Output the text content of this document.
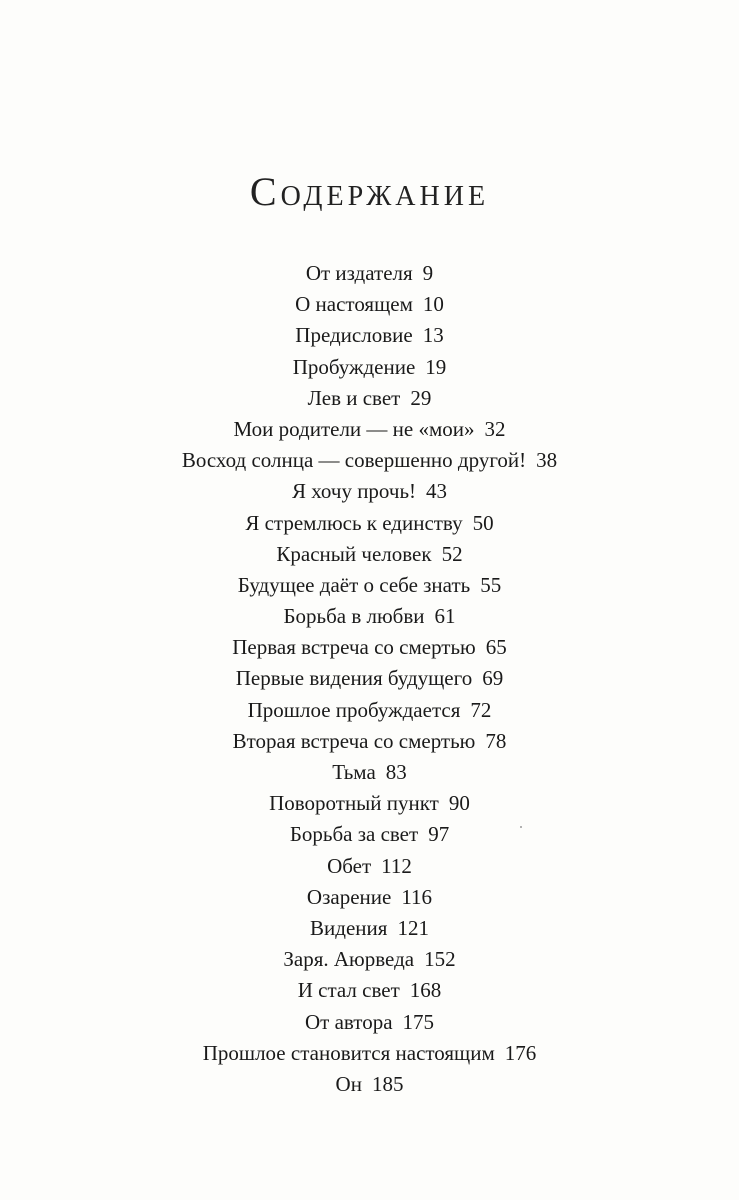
⠀
⠀
⠀
Содержание
От издателя 9
О настоящем 10
Предисловие 13
Пробуждение 19
Лев и свет 29
Мои родители — не «мои» 32
Восход солнца — совершенно другой! 38
Я хочу прочь! 43
Я стремлюсь к единству 50
Красный человек 52
Будущее даёт о себе знать 55
Борьба в любви 61
Первая встреча со смертью 65
Первые видения будущего 69
Прошлое пробуждается 72
Вторая встреча со смертью 78
Тьма 83
Поворотный пункт 90
Борьба за свет 97
Обет 112
Озарение 116
Видения 121
Заря. Аюрведа 152
И стал свет 168
От автора 175
Прошлое становится настоящим 176
Он 185
